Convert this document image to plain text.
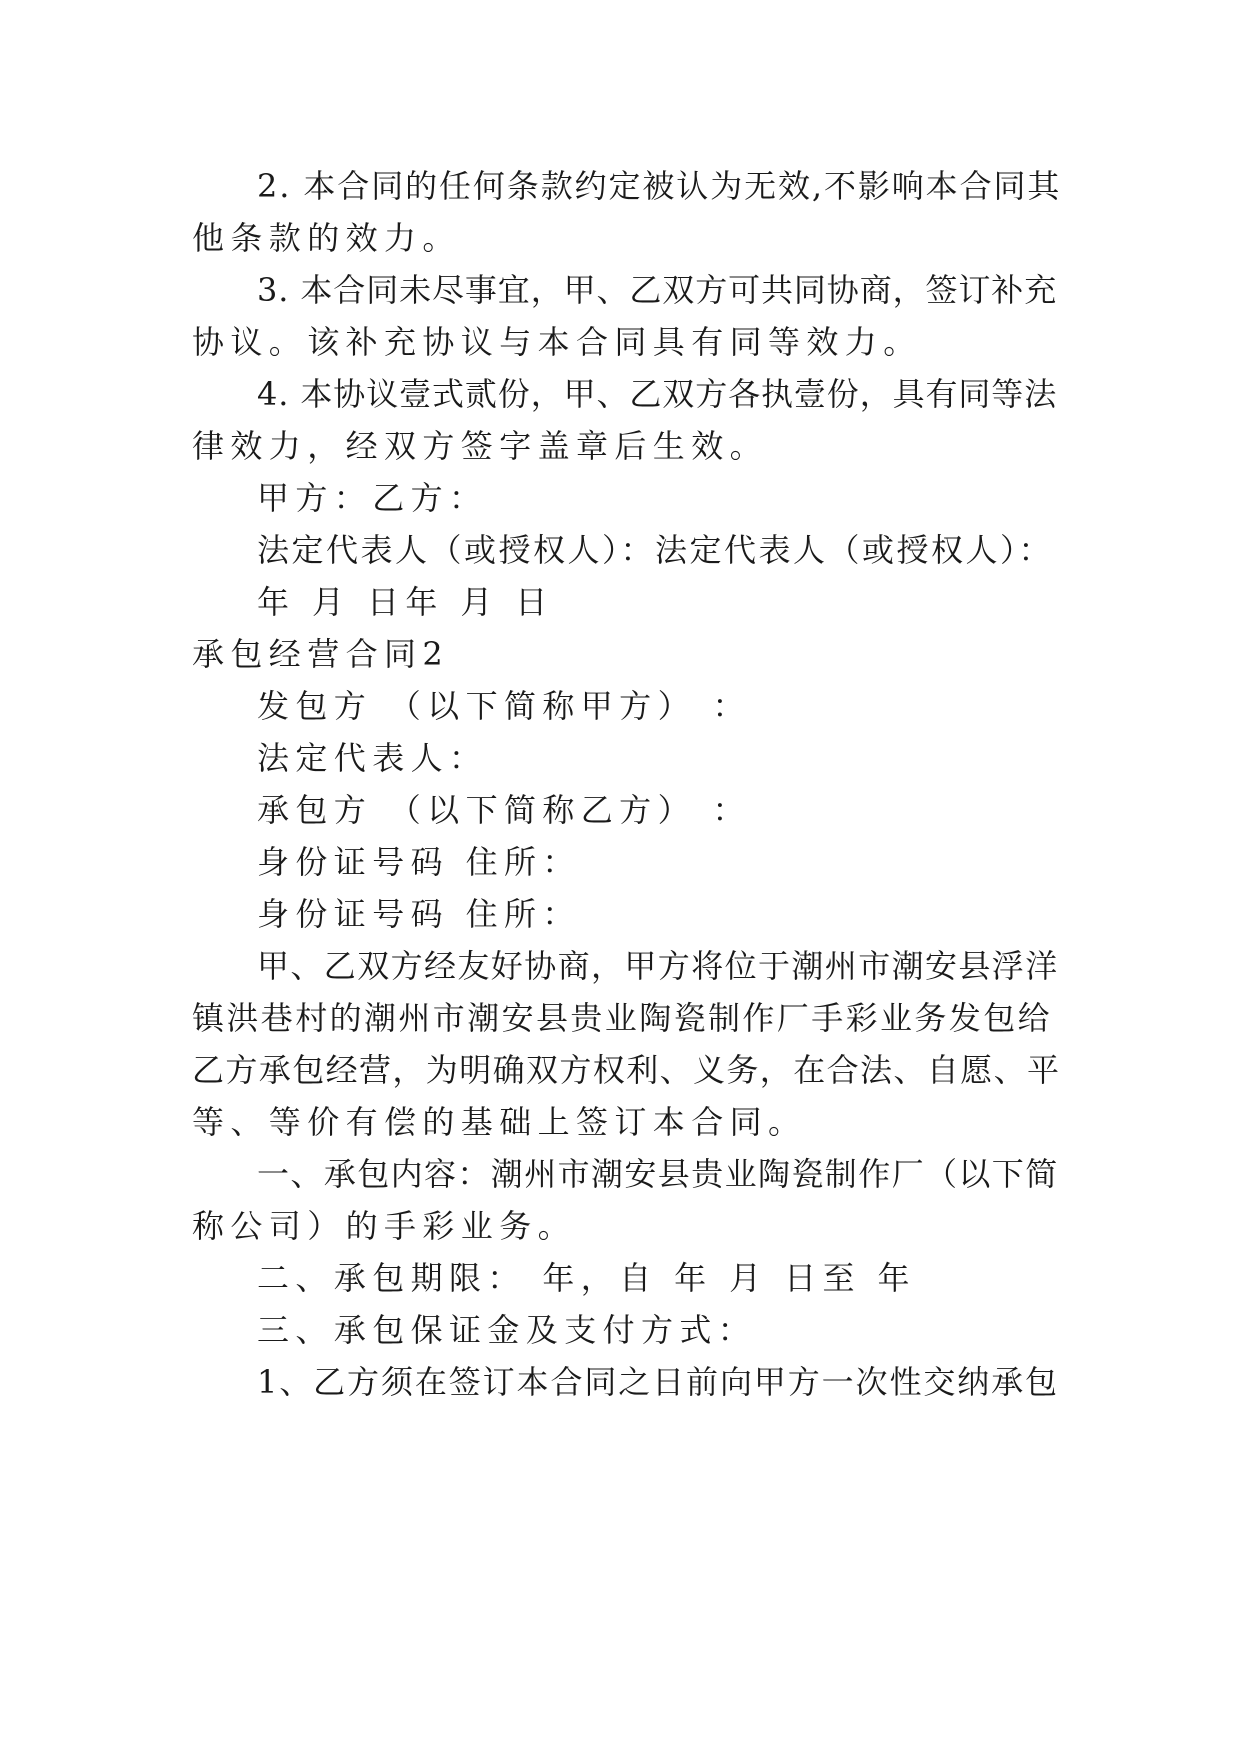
2. 本合同的任何条款约定被认为无效,不影响本合同其
他条款的效力。
3. 本合同未尽事宜，甲、乙双方可共同协商，签订补充
协议。该补充协议与本合同具有同等效力。
4. 本协议壹式贰份，甲、乙双方各执壹份，具有同等法
律效力，经双方签字盖章后生效。
甲方：乙方：
法定代表人（或授权人）：法定代表人（或授权人）：
年 月 日年 月 日
承包经营合同2
发包方 （以下简称甲方） ：
法定代表人：
承包方 （以下简称乙方） ：
身份证号码 住所：
身份证号码 住所：
甲、乙双方经友好协商，甲方将位于潮州市潮安县浮洋
镇洪巷村的潮州市潮安县贵业陶瓷制作厂手彩业务发包给
乙方承包经营，为明确双方权利、义务，在合法、自愿、平
等、等价有偿的基础上签订本合同。
一、承包内容：潮州市潮安县贵业陶瓷制作厂（以下简
称公司）的手彩业务。
二、承包期限： 年，自 年 月 日至 年
三、承包保证金及支付方式：
1、乙方须在签订本合同之日前向甲方一次性交纳承包
